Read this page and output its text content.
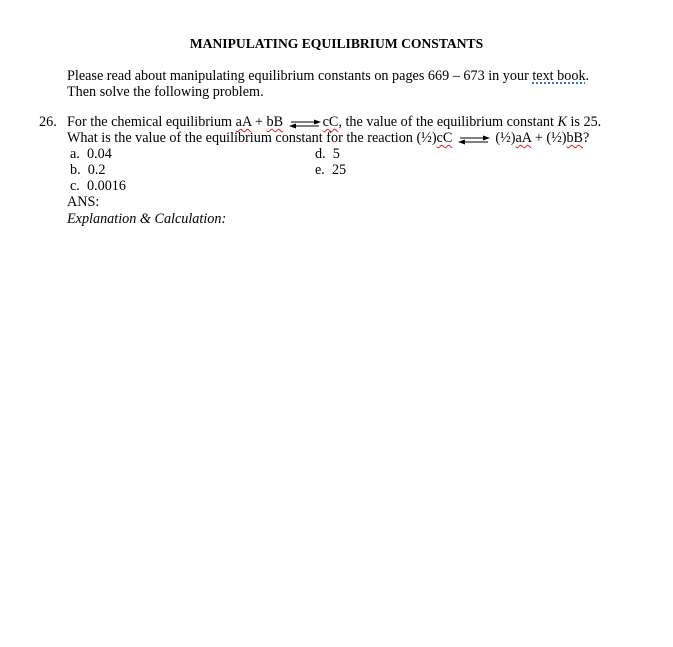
MANIPULATING EQUILIBRIUM CONSTANTS
Please read about manipulating equilibrium constants on pages 669 – 673 in your text book.
Then solve the following problem.
26. For the chemical equilibrium aA + bB ⇌cC, the value of the equilibrium constant K is 25.
What is the value of the equilibrium constant for the reaction (½)cC ⇌ (½)aA + (½)bB?
a. 0.04
b. 0.2
c. 0.0016
d. 5
e. 25
ANS:
Explanation & Calculation:
